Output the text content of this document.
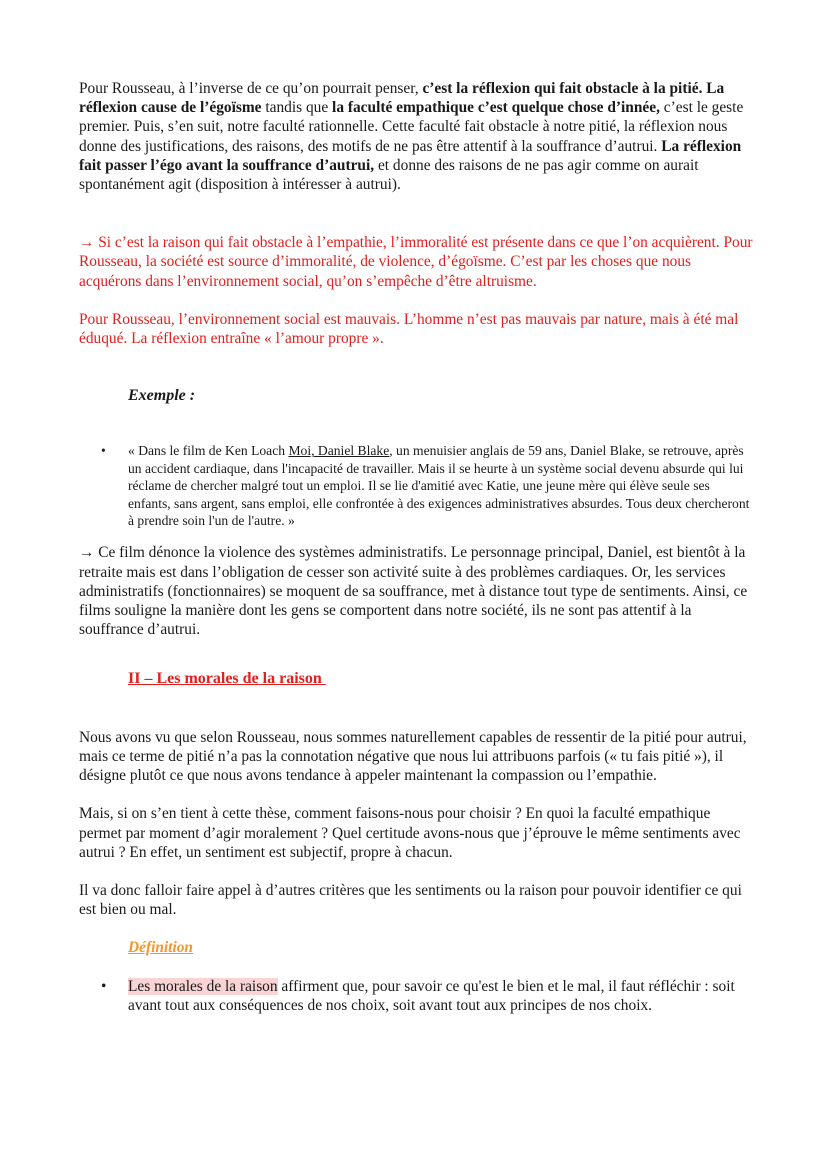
Pour Rousseau, à l’inverse de ce qu’on pourrait penser, c’est la réflexion qui fait obstacle à la pitié. La réflexion cause de l’égoïsme tandis que la faculté empathique c’est quelque chose d’innée, c’est le geste premier. Puis, s’en suit, notre faculté rationnelle. Cette faculté fait obstacle à notre pitié, la réflexion nous donne des justifications, des raisons, des motifs de ne pas être attentif à la souffrance d’autrui. La réflexion fait passer l’égo avant la souffrance d’autrui, et donne des raisons de ne pas agir comme on aurait spontanément agit (disposition à intéresser à autrui).

→ Si c’est la raison qui fait obstacle à l’empathie, l’immoralité est présente dans ce que l’on acquièrent. Pour Rousseau, la société est source d’immoralité, de violence, d’égoïsme. C’est par les choses que nous acquérons dans l’environnement social, qu’on s’empêche d’être altruisme.

Pour Rousseau, l’environnement social est mauvais. L’homme n’est pas mauvais par nature, mais à été mal éduqué. La réflexion entraîne « l’amour propre ».

Exemple :

• « Dans le film de Ken Loach Moi, Daniel Blake, un menuisier anglais de 59 ans, Daniel Blake, se retrouve, après un accident cardiaque, dans l'incapacité de travailler. Mais il se heurte à un système social devenu absurde qui lui réclame de chercher malgré tout un emploi. Il se lie d'amitié avec Katie, une jeune mère qui élève seule ses enfants, sans argent, sans emploi, elle confrontée à des exigences administratives absurdes. Tous deux chercheront à prendre soin l'un de l'autre. »

→ Ce film dénonce la violence des systèmes administratifs. Le personnage principal, Daniel, est bientôt à la retraite mais est dans l’obligation de cesser son activité suite à des problèmes cardiaques. Or, les services administratifs (fonctionnaires) se moquent de sa souffrance, met à distance tout type de sentiments. Ainsi, ce films souligne la manière dont les gens se comportent dans notre société, ils ne sont pas attentif à la souffrance d’autrui.

II – Les morales de la raison

Nous avons vu que selon Rousseau, nous sommes naturellement capables de ressentir de la pitié pour autrui, mais ce terme de pitié n’a pas la connotation négative que nous lui attribuons parfois (« tu fais pitié »), il désigne plutôt ce que nous avons tendance à appeler maintenant la compassion ou l’empathie.

Mais, si on s’en tient à cette thèse, comment faisons-nous pour choisir ? En quoi la faculté empathique permet par moment d’agir moralement ? Quel certitude avons-nous que j’éprouve le même sentiments avec autrui ? En effet, un sentiment est subjectif, propre à chacun.

Il va donc falloir faire appel à d’autres critères que les sentiments ou la raison pour pouvoir identifier ce qui est bien ou mal.

Définition

• Les morales de la raison affirment que, pour savoir ce qu'est le bien et le mal, il faut réfléchir : soit avant tout aux conséquences de nos choix, soit avant tout aux principes de nos choix.
